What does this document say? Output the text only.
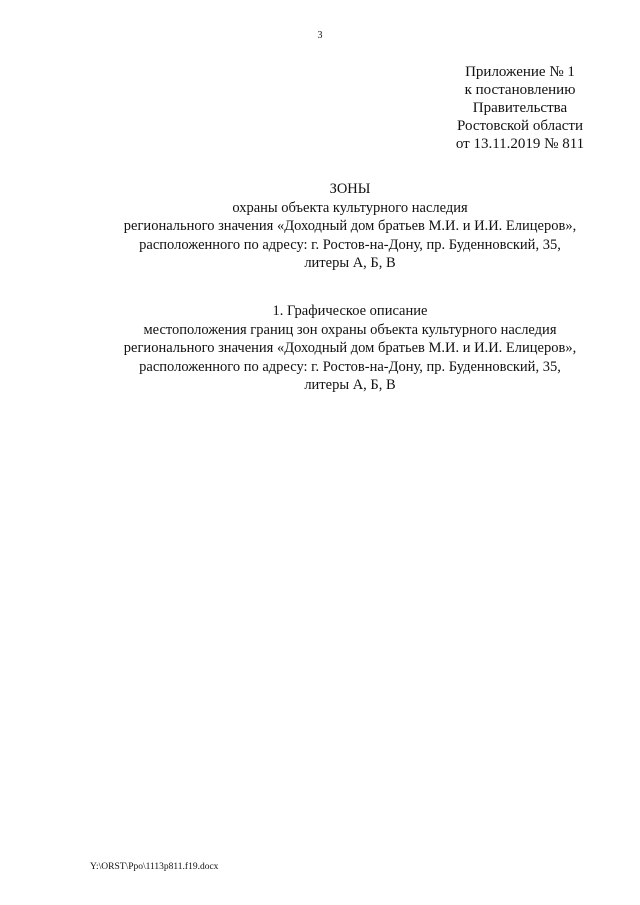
3
Приложение № 1
к постановлению
Правительства
Ростовской области
от 13.11.2019 № 811
ЗОНЫ
охраны объекта культурного наследия
регионального значения «Доходный дом братьев М.И. и И.И. Елицеров»,
расположенного по адресу: г. Ростов-на-Дону, пр. Буденновский, 35,
литеры А, Б, В
1. Графическое описание
местоположения границ зон охраны объекта культурного наследия
регионального значения «Доходный дом братьев М.И. и И.И. Елицеров»,
расположенного по адресу: г. Ростов-на-Дону, пр. Буденновский, 35,
литеры А, Б, В
Y:\ORST\Ppo\1113p811.f19.docx
